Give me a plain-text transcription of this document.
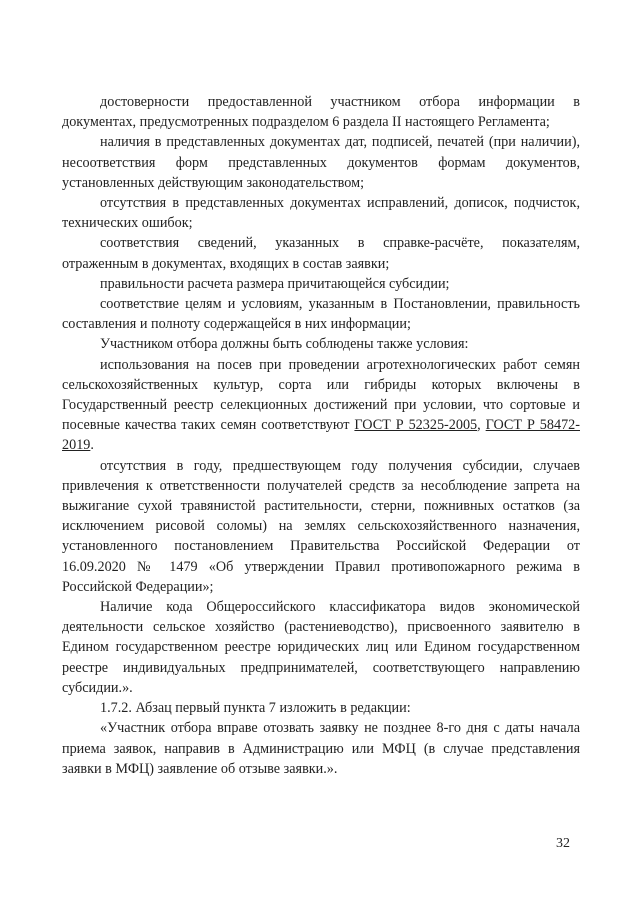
достоверности предоставленной участником отбора информации в документах, предусмотренных подразделом 6 раздела II настоящего Регламента;

наличия в представленных документах дат, подписей, печатей (при наличии), несоответствия форм представленных документов формам документов, установленных действующим законодательством;

отсутствия в представленных документах исправлений, дописок, подчисток, технических ошибок;

соответствия сведений, указанных в справке-расчёте, показателям, отраженным в документах, входящих в состав заявки;

правильности расчета размера причитающейся субсидии;

соответствие целям и условиям, указанным в Постановлении, правильность составления и полноту содержащейся в них информации;

Участником отбора должны быть соблюдены также условия:

использования на посев при проведении агротехнологических работ семян сельскохозяйственных культур, сорта или гибриды которых включены в Государственный реестр селекционных достижений при условии, что сортовые и посевные качества таких семян соответствуют ГОСТ Р 52325-2005, ГОСТ Р 58472-2019.

отсутствия в году, предшествующем году получения субсидии, случаев привлечения к ответственности получателей средств за несоблюдение запрета на выжигание сухой травянистой растительности, стерни, пожнивных остатков (за исключением рисовой соломы) на землях сельскохозяйственного назначения, установленного постановлением Правительства Российской Федерации от 16.09.2020 № 1479 «Об утверждении Правил противопожарного режима в Российской Федерации»;

Наличие кода Общероссийского классификатора видов экономической деятельности сельское хозяйство (растениеводство), присвоенного заявителю в Едином государственном реестре юридических лиц или Едином государственном реестре индивидуальных предпринимателей, соответствующего направлению субсидии.».

1.7.2. Абзац первый пункта 7 изложить в редакции:

«Участник отбора вправе отозвать заявку не позднее 8-го дня с даты начала приема заявок, направив в Администрацию или МФЦ (в случае представления заявки в МФЦ) заявление об отзыве заявки.».

32
